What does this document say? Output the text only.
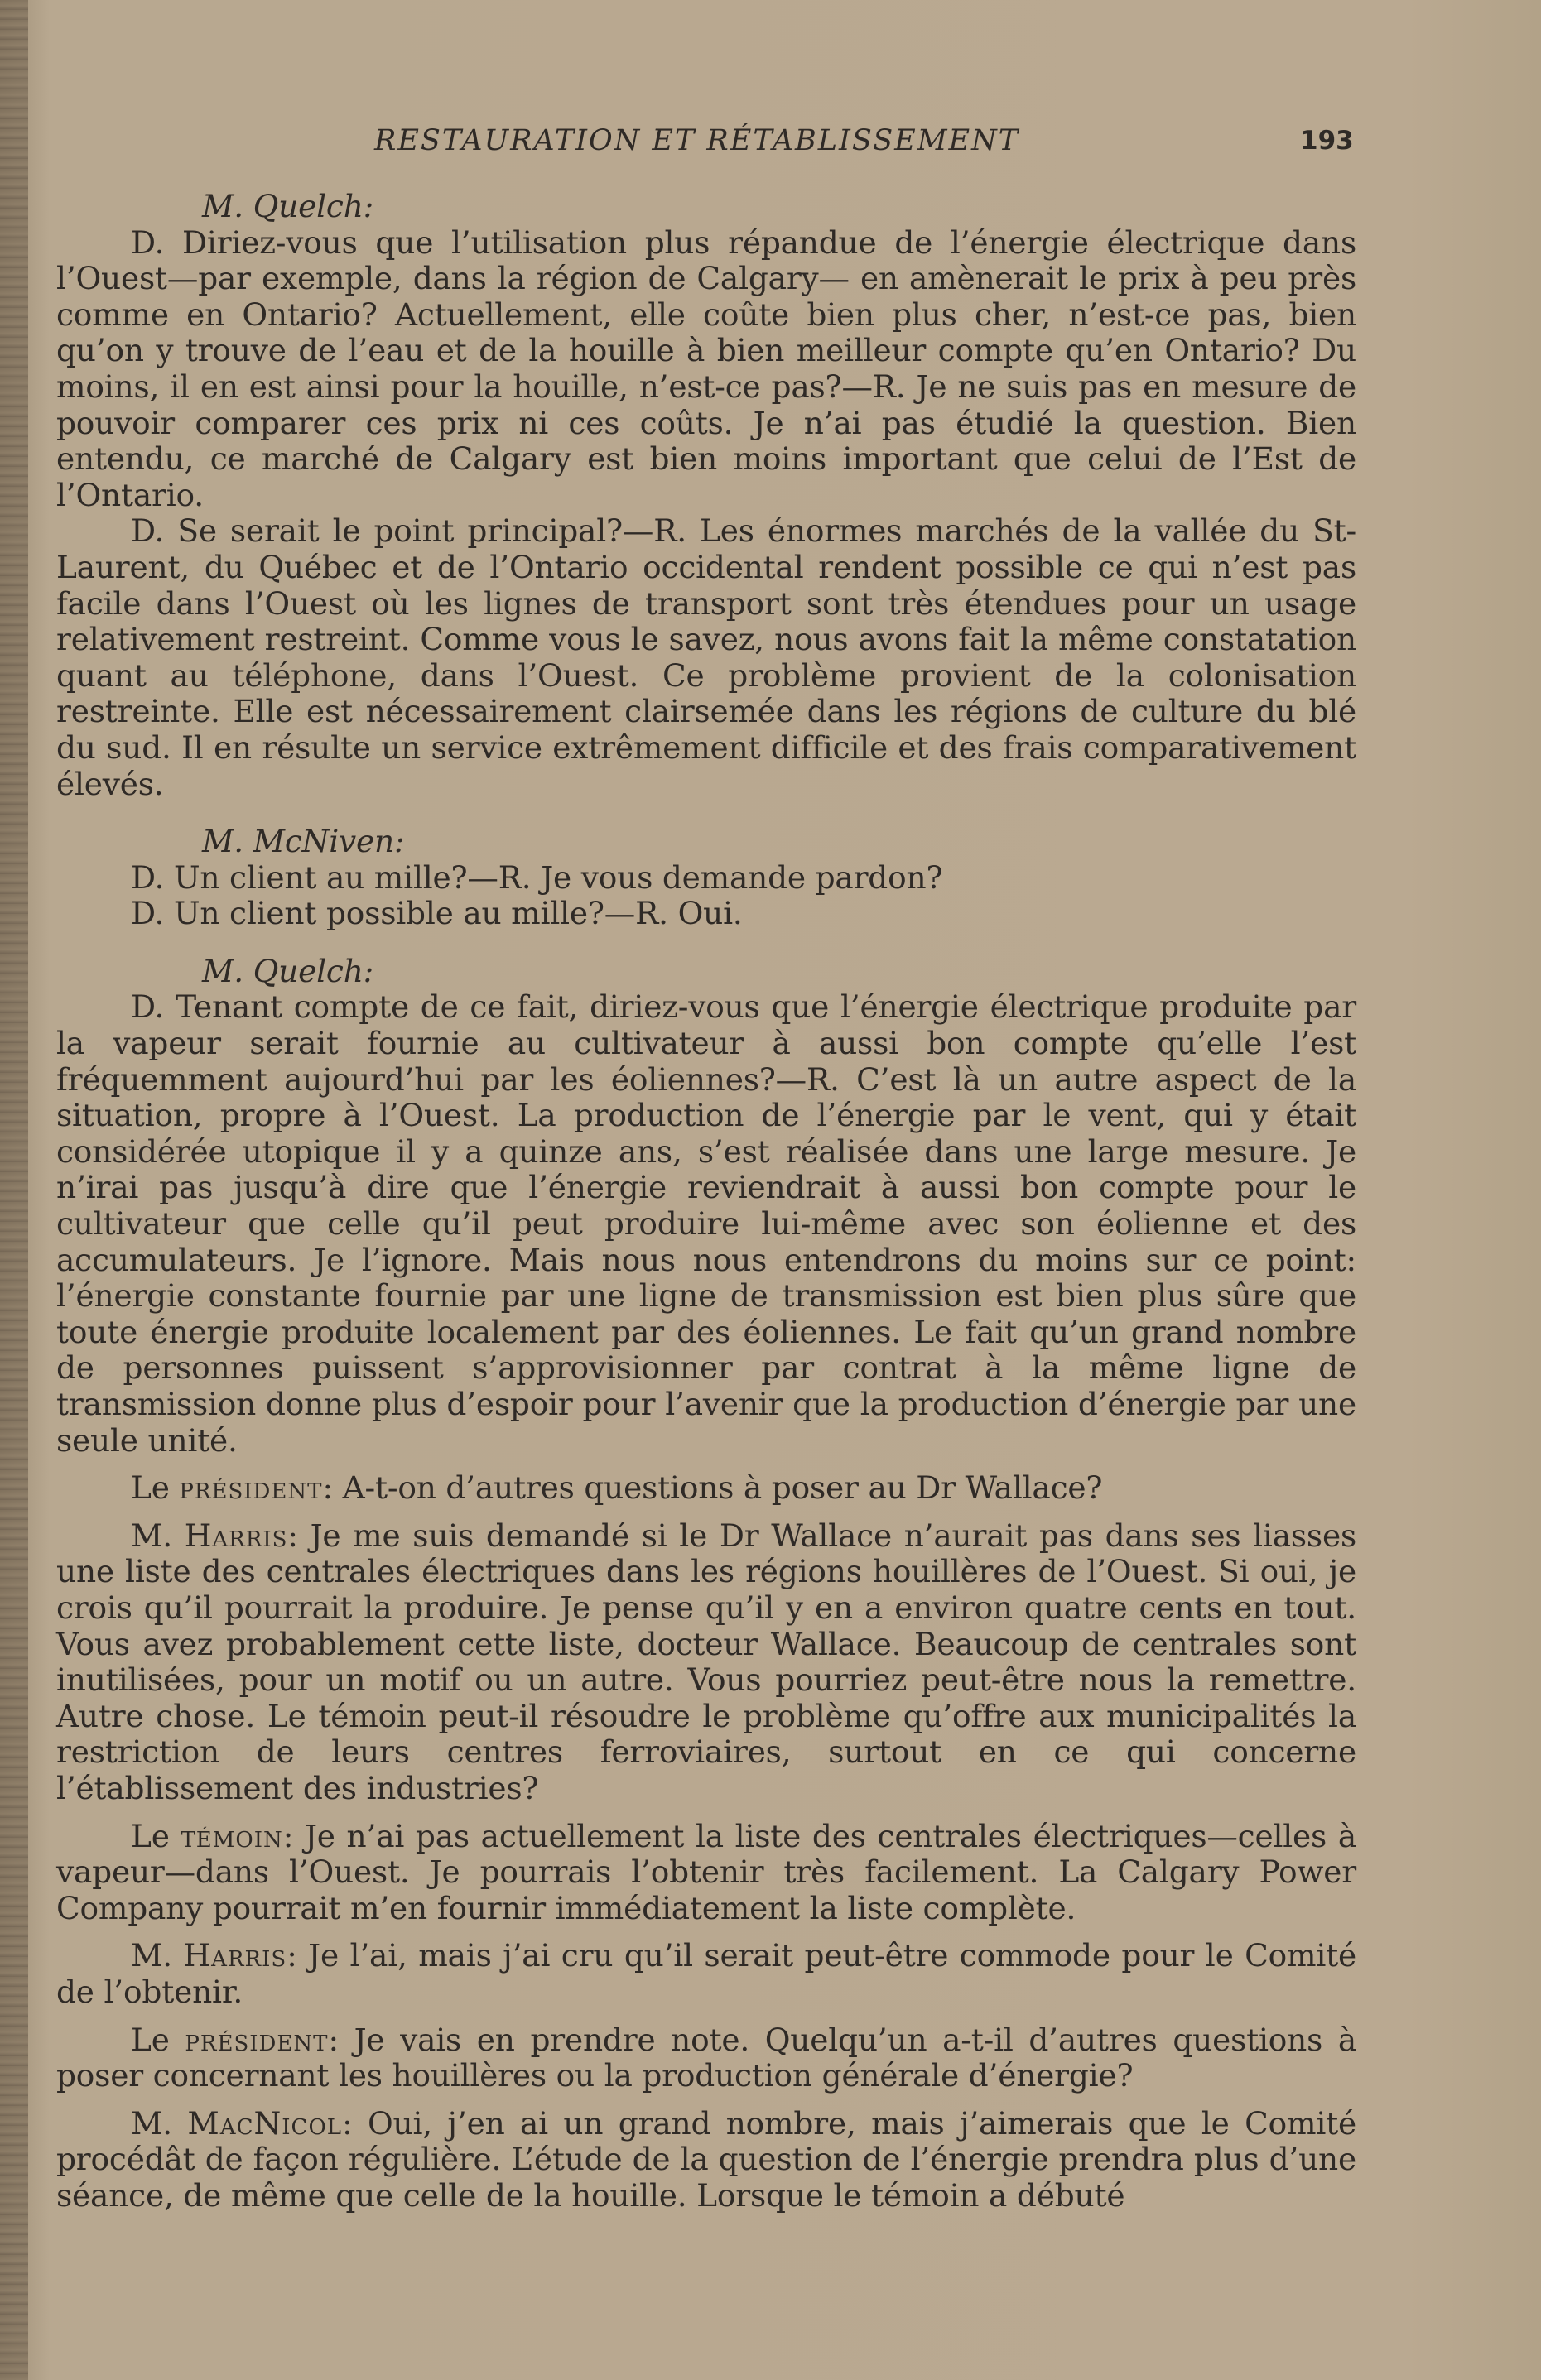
RESTAURATION ET RÉTABLISSEMENT	193

M. Quelch:

D. Diriez-vous que l’utilisation plus répandue de l’énergie électrique dans l’Ouest—par exemple, dans la région de Calgary— en amènerait le prix à peu près comme en Ontario? Actuellement, elle coûte bien plus cher, n’est-ce pas, bien qu’on y trouve de l’eau et de la houille à bien meilleur compte qu’en Ontario? Du moins, il en est ainsi pour la houille, n’est-ce pas?—R. Je ne suis pas en mesure de pouvoir comparer ces prix ni ces coûts. Je n’ai pas étudié la question. Bien entendu, ce marché de Calgary est bien moins important que celui de l’Est de l’Ontario.

D. Se serait le point principal?—R. Les énormes marchés de la vallée du St-Laurent, du Québec et de l’Ontario occidental rendent possible ce qui n’est pas facile dans l’Ouest où les lignes de transport sont très étendues pour un usage relativement restreint. Comme vous le savez, nous avons fait la même constatation quant au téléphone, dans l’Ouest. Ce problème provient de la colonisation restreinte. Elle est nécessairement clairsemée dans les régions de culture du blé du sud. Il en résulte un service extrêmement difficile et des frais comparativement élevés.

M. McNiven:

D. Un client au mille?—R. Je vous demande pardon?

D. Un client possible au mille?—R. Oui.

M. Quelch:

D. Tenant compte de ce fait, diriez-vous que l’énergie électrique produite par la vapeur serait fournie au cultivateur à aussi bon compte qu’elle l’est fréquemment aujourd’hui par les éoliennes?—R. C’est là un autre aspect de la situation, propre à l’Ouest. La production de l’énergie par le vent, qui y était considérée utopique il y a quinze ans, s’est réalisée dans une large mesure. Je n’irai pas jusqu’à dire que l’énergie reviendrait à aussi bon compte pour le cultivateur que celle qu’il peut produire lui-même avec son éolienne et des accumulateurs. Je l’ignore. Mais nous nous entendrons du moins sur ce point: l’énergie constante fournie par une ligne de transmission est bien plus sûre que toute énergie produite localement par des éoliennes. Le fait qu’un grand nombre de personnes puissent s’approvisionner par contrat à la même ligne de transmission donne plus d’espoir pour l’avenir que la production d’énergie par une seule unité.

Le président: A-t-on d’autres questions à poser au Dr Wallace?

M. Harris: Je me suis demandé si le Dr Wallace n’aurait pas dans ses liasses une liste des centrales électriques dans les régions houillères de l’Ouest. Si oui, je crois qu’il pourrait la produire. Je pense qu’il y en a environ quatre cents en tout. Vous avez probablement cette liste, docteur Wallace. Beaucoup de centrales sont inutilisées, pour un motif ou un autre. Vous pourriez peut-être nous la remettre. Autre chose. Le témoin peut-il résoudre le problème qu’offre aux municipalités la restriction de leurs centres ferroviaires, surtout en ce qui concerne l’établissement des industries?

Le témoin: Je n’ai pas actuellement la liste des centrales électriques—celles à vapeur—dans l’Ouest. Je pourrais l’obtenir très facilement. La Calgary Power Company pourrait m’en fournir immédiatement la liste complète.

M. Harris: Je l’ai, mais j’ai cru qu’il serait peut-être commode pour le Comité de l’obtenir.

Le président: Je vais en prendre note. Quelqu’un a-t-il d’autres questions à poser concernant les houillères ou la production générale d’énergie?

M. MacNicol: Oui, j’en ai un grand nombre, mais j’aimerais que le Comité procédât de façon régulière. L’étude de la question de l’énergie prendra plus d’une séance, de même que celle de la houille. Lorsque le témoin a débuté
